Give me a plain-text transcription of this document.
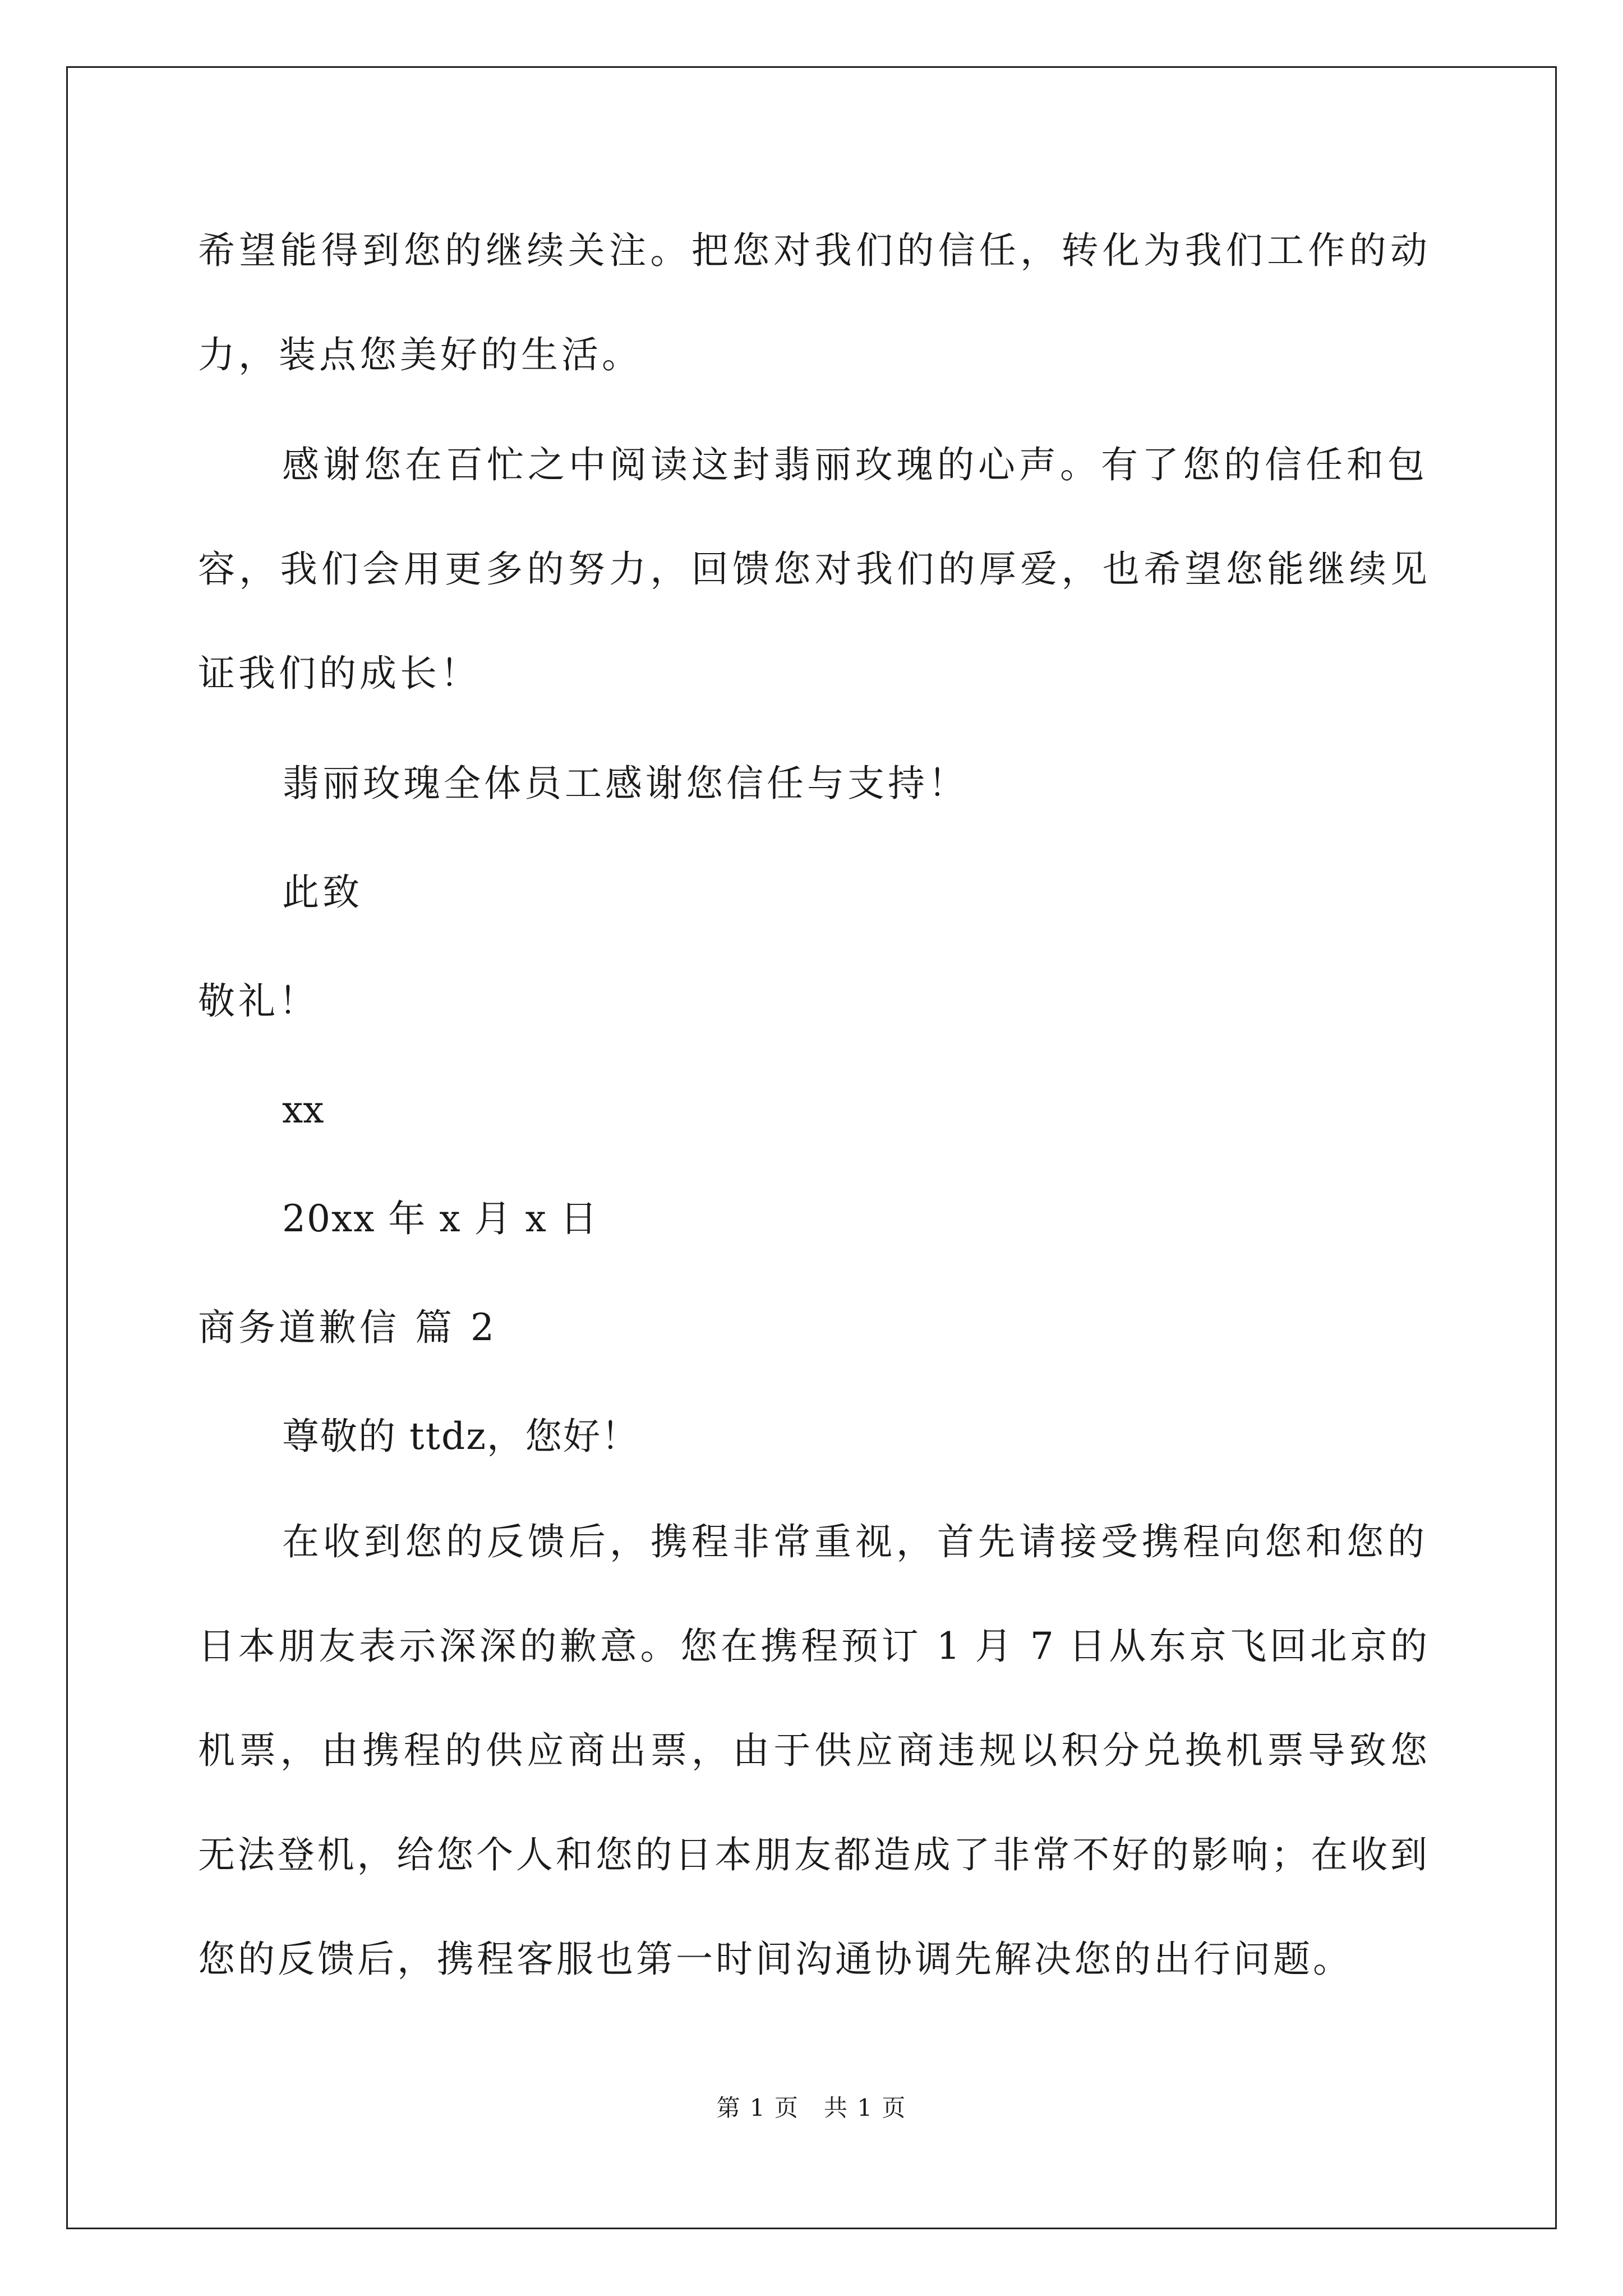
希望能得到您的继续关注。把您对我们的信任，转化为我们工作的动
力，装点您美好的生活。
感谢您在百忙之中阅读这封翡丽玫瑰的心声。有了您的信任和包
容，我们会用更多的努力，回馈您对我们的厚爱，也希望您能继续见
证我们的成长！
翡丽玫瑰全体员工感谢您信任与支持！
此致
敬礼！
xx
20xx 年 x 月 x 日
商务道歉信 篇 2
尊敬的 ttdz，您好！
在收到您的反馈后，携程非常重视，首先请接受携程向您和您的
日本朋友表示深深的歉意。您在携程预订 1 月 7 日从东京飞回北京的
机票，由携程的供应商出票，由于供应商违规以积分兑换机票导致您
无法登机，给您个人和您的日本朋友都造成了非常不好的影响；在收到
您的反馈后，携程客服也第一时间沟通协调先解决您的出行问题。
第 1 页　共 1 页
